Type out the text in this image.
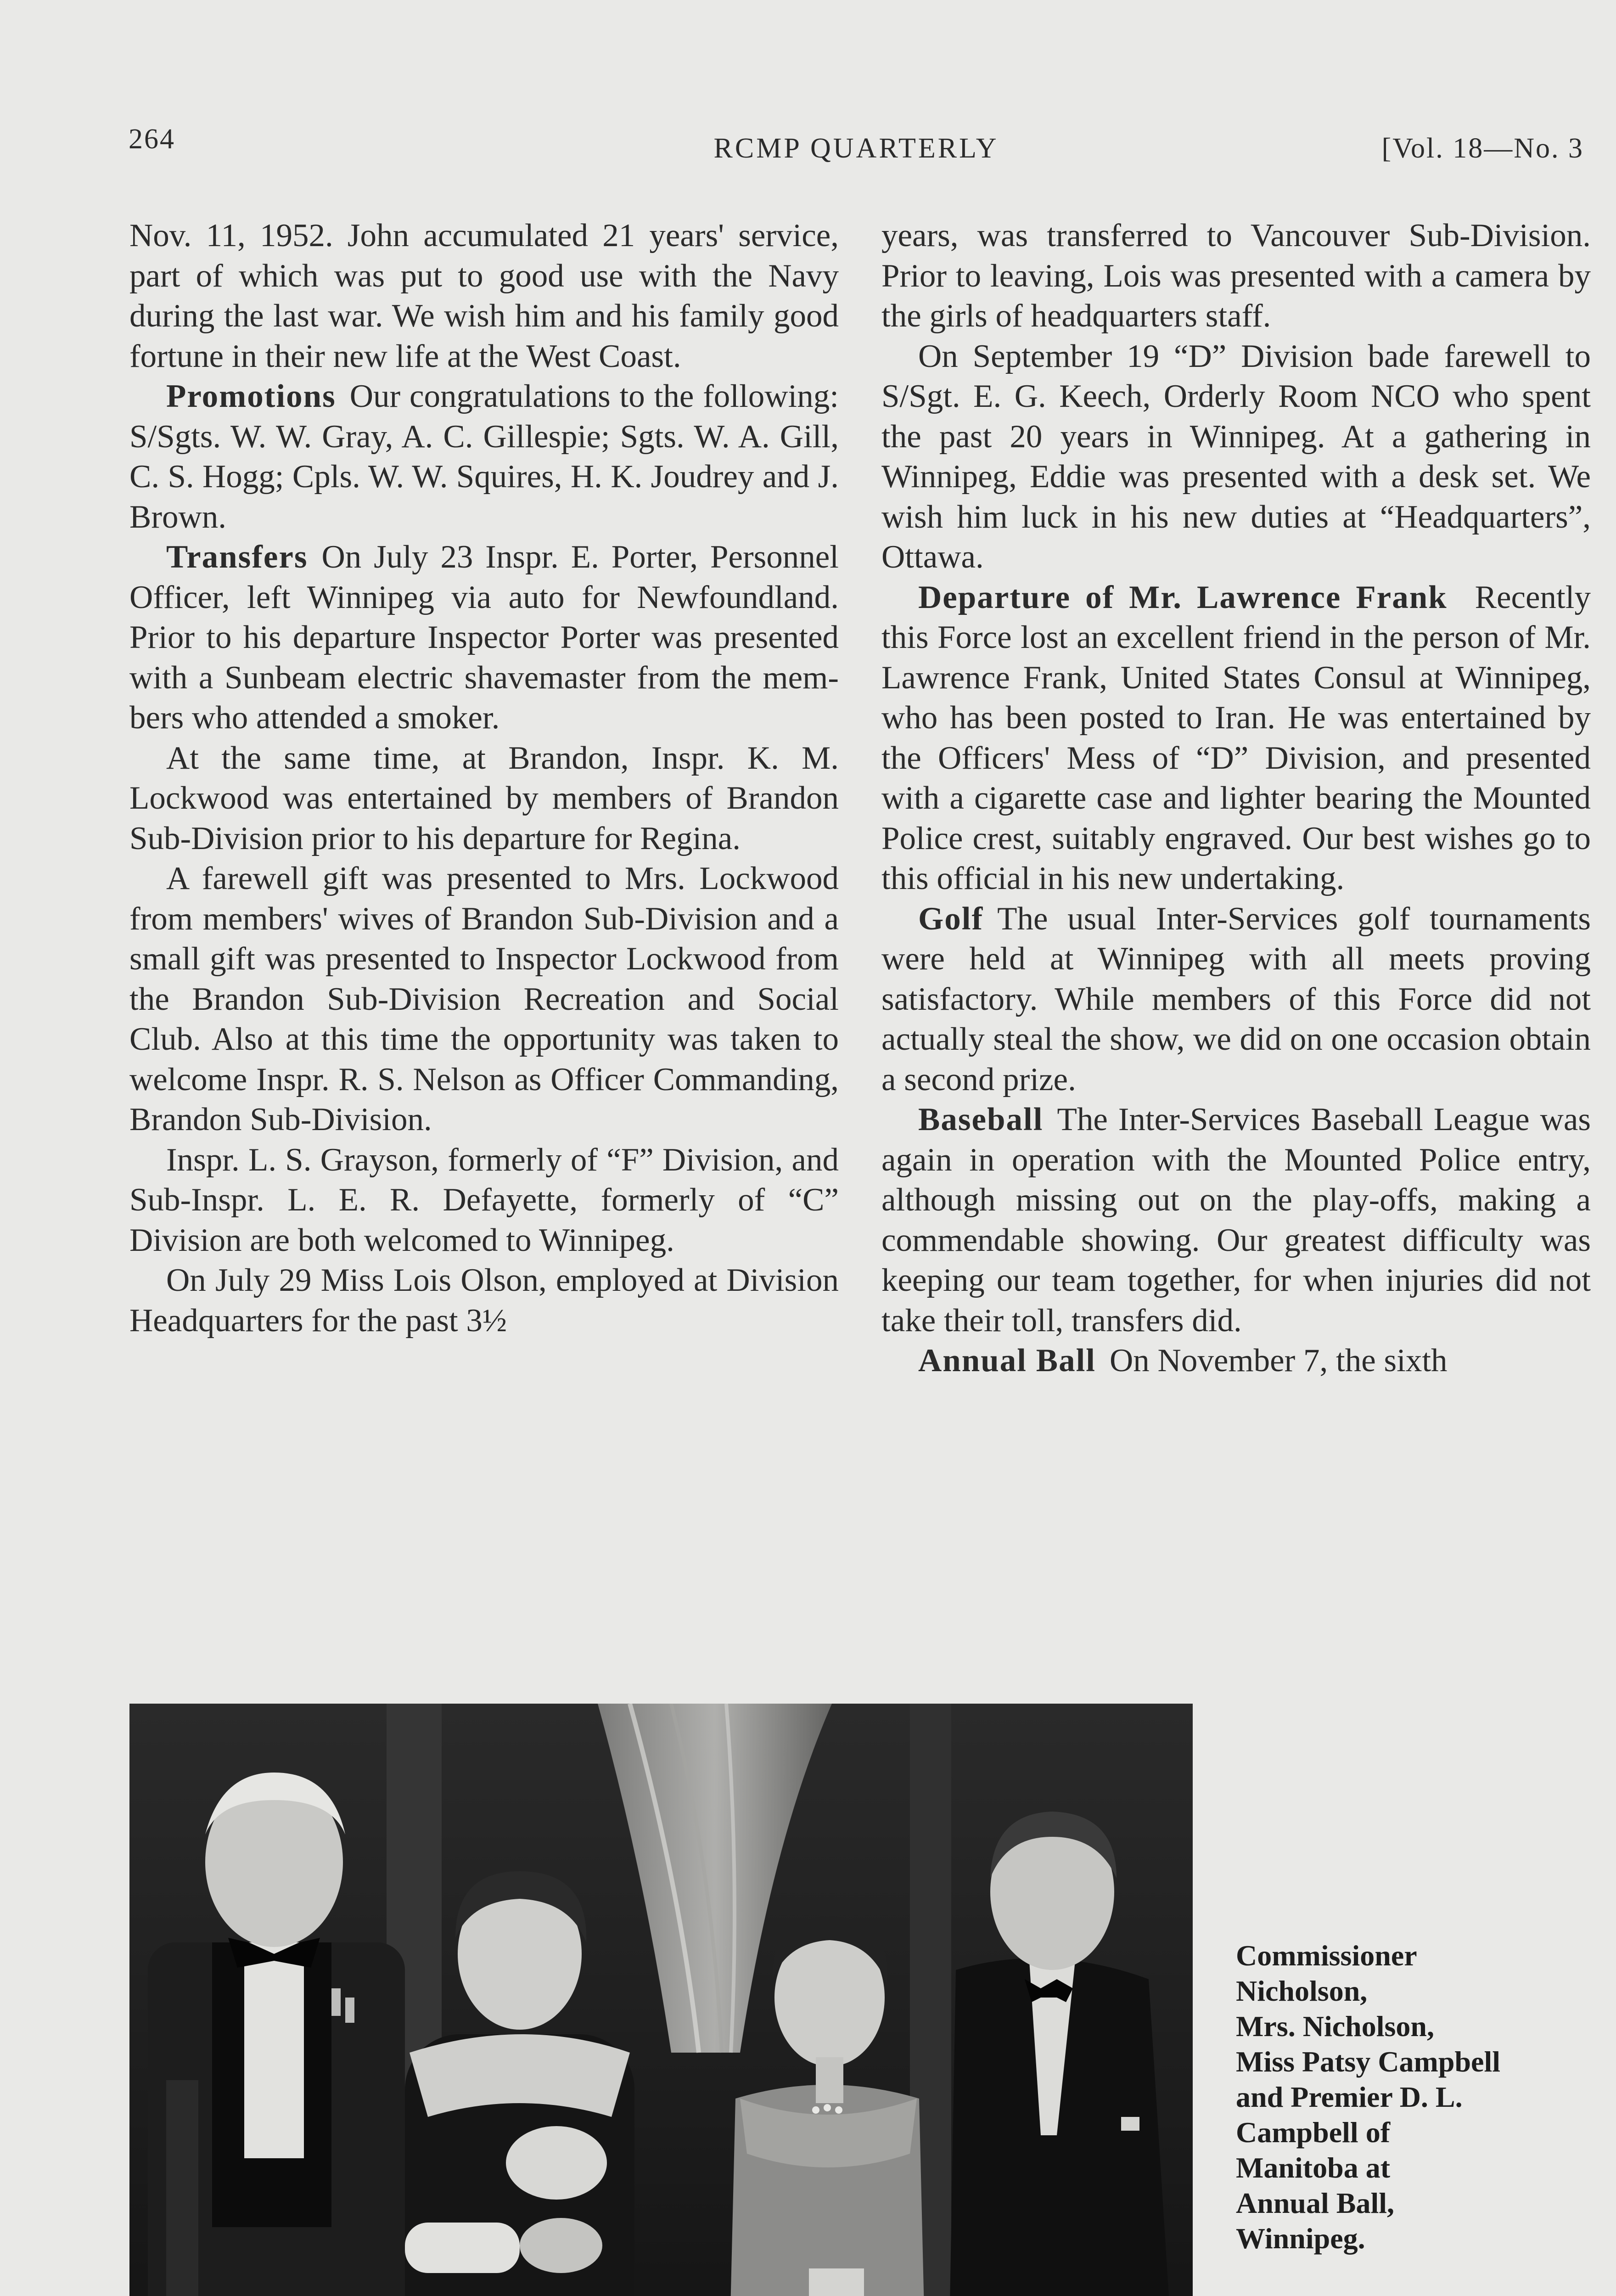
264	RCMP QUARTERLY	[Vol. 18—No. 3

Nov. 11, 1952. John accumulated 21 years' service, part of which was put to good use with the Navy during the last war. We wish him and his family good fortune in their new life at the West Coast.

Promotions Our congratulations to the following: S/Sgts. W. W. Gray, A. C. Gillespie; Sgts. W. A. Gill, C. S. Hogg; Cpls. W. W. Squires, H. K. Joudrey and J. Brown.

Transfers On July 23 Inspr. E. Porter, Personnel Officer, left Winnipeg via auto for Newfoundland. Prior to his departure Inspector Porter was presented with a Sunbeam electric shavemaster from the members who attended a smoker.

At the same time, at Brandon, Inspr. K. M. Lockwood was entertained by members of Brandon Sub-Division prior to his departure for Regina.

A farewell gift was presented to Mrs. Lockwood from members' wives of Brandon Sub-Division and a small gift was presented to Inspector Lockwood from the Brandon Sub-Division Recreation and Social Club. Also at this time the opportunity was taken to welcome Inspr. R. S. Nelson as Officer Commanding, Brandon Sub-Division.

Inspr. L. S. Grayson, formerly of “F” Division, and Sub-Inspr. L. E. R. Defayette, formerly of “C” Division are both welcomed to Winnipeg.

On July 29 Miss Lois Olson, employed at Division Headquarters for the past 3½

years, was transferred to Vancouver Sub-Division. Prior to leaving, Lois was presented with a camera by the girls of headquarters staff.

On September 19 “D” Division bade farewell to S/Sgt. E. G. Keech, Orderly Room NCO who spent the past 20 years in Winnipeg. At a gathering in Winnipeg, Eddie was presented with a desk set. We wish him luck in his new duties at “Headquarters”, Ottawa.

Departure of Mr. Lawrence Frank Recently this Force lost an excellent friend in the person of Mr. Lawrence Frank, United States Consul at Winnipeg, who has been posted to Iran. He was entertained by the Officers' Mess of “D” Division, and presented with a cigarette case and lighter bearing the Mounted Police crest, suitably engraved. Our best wishes go to this official in his new undertaking.

Golf The usual Inter-Services golf tournaments were held at Winnipeg with all meets proving satisfactory. While members of this Force did not actually steal the show, we did on one occasion obtain a second prize.

Baseball The Inter-Services Baseball League was again in operation with the Mounted Police entry, although missing out on the play-offs, making a commendable showing. Our greatest difficulty was keeping our team together, for when injuries did not take their toll, transfers did.

Annual Ball On November 7, the sixth

Commissioner
Nicholson,
Mrs. Nicholson,
Miss Patsy Campbell
and Premier D. L.
Campbell of
Manitoba at
Annual Ball,
Winnipeg.
